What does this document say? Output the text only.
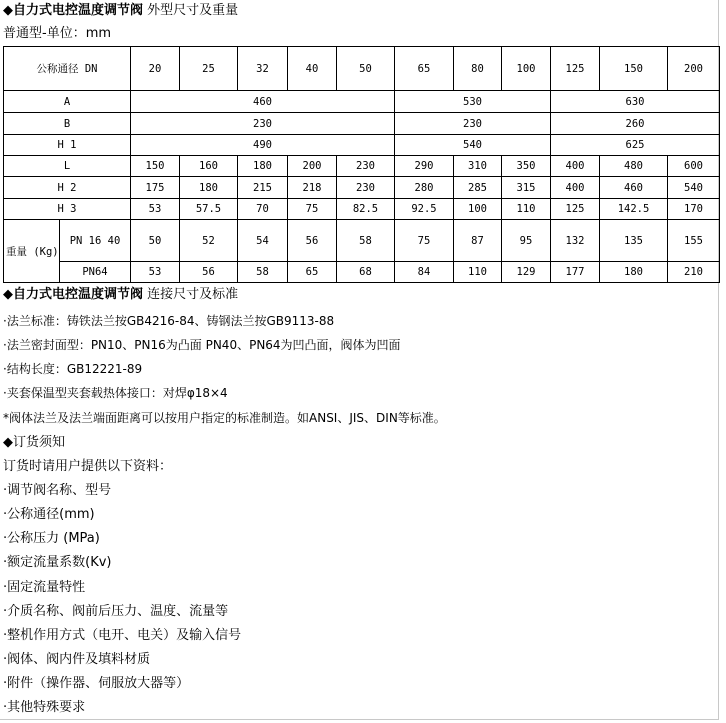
◆自力式电控温度调节阀 外型尺寸及重量
普通型-单位：mm
公称通径 DN		20	25	32	40	50	65	80	100	125	150	200
A		460					530			630		
B		230					230			260		
H 1		490					540			625		
L		150	160	180	200	230	290	310	350	400	480	600
H 2		175	180	215	218	230	280	285	315	400	460	540
H 3		53	57.5	70	75	82.5	92.5	100	110	125	142.5	170
重量 (Kg)	PN 16 40	50	52	54	56	58	75	87	95	132	135	155
	PN64	53	56	58	65	68	84	110	129	177	180	210
◆自力式电控温度调节阀 连接尺寸及标准
·法兰标准：铸铁法兰按GB4216-84、铸钢法兰按GB9113-88
·法兰密封面型：PN10、PN16为凸面 PN40、PN64为凹凸面，阀体为凹面
·结构长度：GB12221-89
·夹套保温型夹套载热体接口：对焊φ18×4
*阀体法兰及法兰端面距离可以按用户指定的标准制造。如ANSI、JIS、DIN等标准。
◆订货须知
订货时请用户提供以下资料：
·调节阀名称、型号
·公称通径(mm)
·公称压力 (MPa)
·额定流量系数(Kv)
·固定流量特性
·介质名称、阀前后压力、温度、流量等
·整机作用方式（电开、电关）及输入信号
·阀体、阀内件及填料材质
·附件（操作器、伺服放大器等）
·其他特殊要求
